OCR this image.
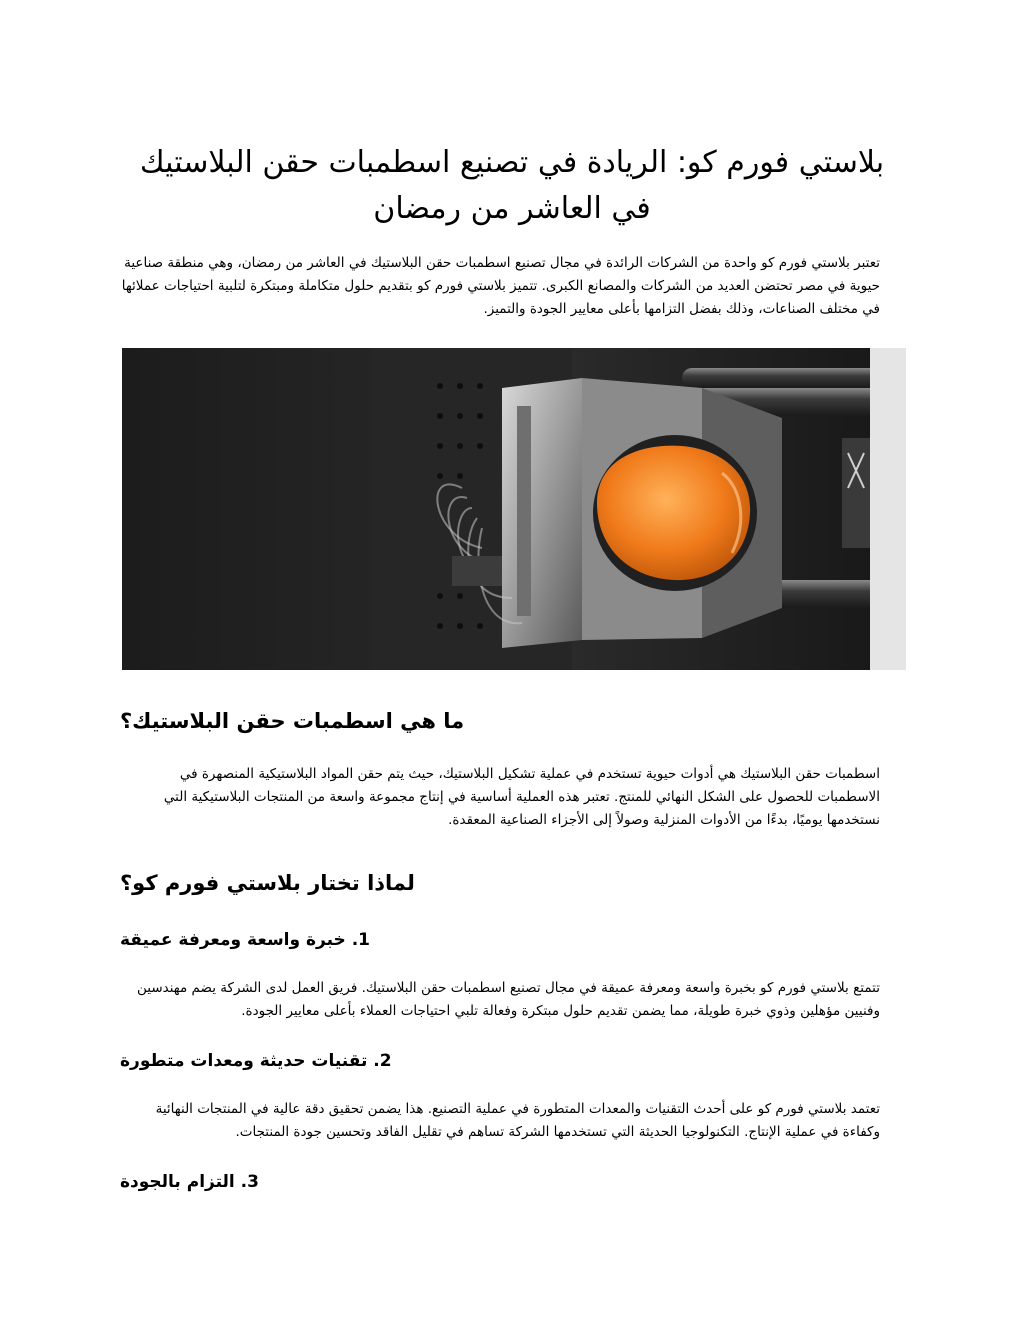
بلاستي فورم كو: الريادة في تصنيع اسطمبات حقن البلاستيك في العاشر من رمضان

تعتبر بلاستي فورم كو واحدة من الشركات الرائدة في مجال تصنيع اسطمبات حقن البلاستيك في العاشر من رمضان، وهي منطقة صناعية حيوية في مصر تحتضن العديد من الشركات والمصانع الكبرى. تتميز بلاستي فورم كو بتقديم حلول متكاملة ومبتكرة لتلبية احتياجات عملائها في مختلف الصناعات، وذلك بفضل التزامها بأعلى معايير الجودة والتميز.

ما هي اسطمبات حقن البلاستيك؟

اسطمبات حقن البلاستيك هي أدوات حيوية تستخدم في عملية تشكيل البلاستيك، حيث يتم حقن المواد البلاستيكية المنصهرة في الاسطمبات للحصول على الشكل النهائي للمنتج. تعتبر هذه العملية أساسية في إنتاج مجموعة واسعة من المنتجات البلاستيكية التي نستخدمها يوميًا، بدءًا من الأدوات المنزلية وصولاً إلى الأجزاء الصناعية المعقدة.

لماذا تختار بلاستي فورم كو؟
1. خبرة واسعة ومعرفة عميقة

تتمتع بلاستي فورم كو بخبرة واسعة ومعرفة عميقة في مجال تصنيع اسطمبات حقن البلاستيك. فريق العمل لدى الشركة يضم مهندسين وفنيين مؤهلين وذوي خبرة طويلة، مما يضمن تقديم حلول مبتكرة وفعالة تلبي احتياجات العملاء بأعلى معايير الجودة.

2. تقنيات حديثة ومعدات متطورة

تعتمد بلاستي فورم كو على أحدث التقنيات والمعدات المتطورة في عملية التصنيع. هذا يضمن تحقيق دقة عالية في المنتجات النهائية وكفاءة في عملية الإنتاج. التكنولوجيا الحديثة التي تستخدمها الشركة تساهم في تقليل الفاقد وتحسين جودة المنتجات.

3. التزام بالجودة
